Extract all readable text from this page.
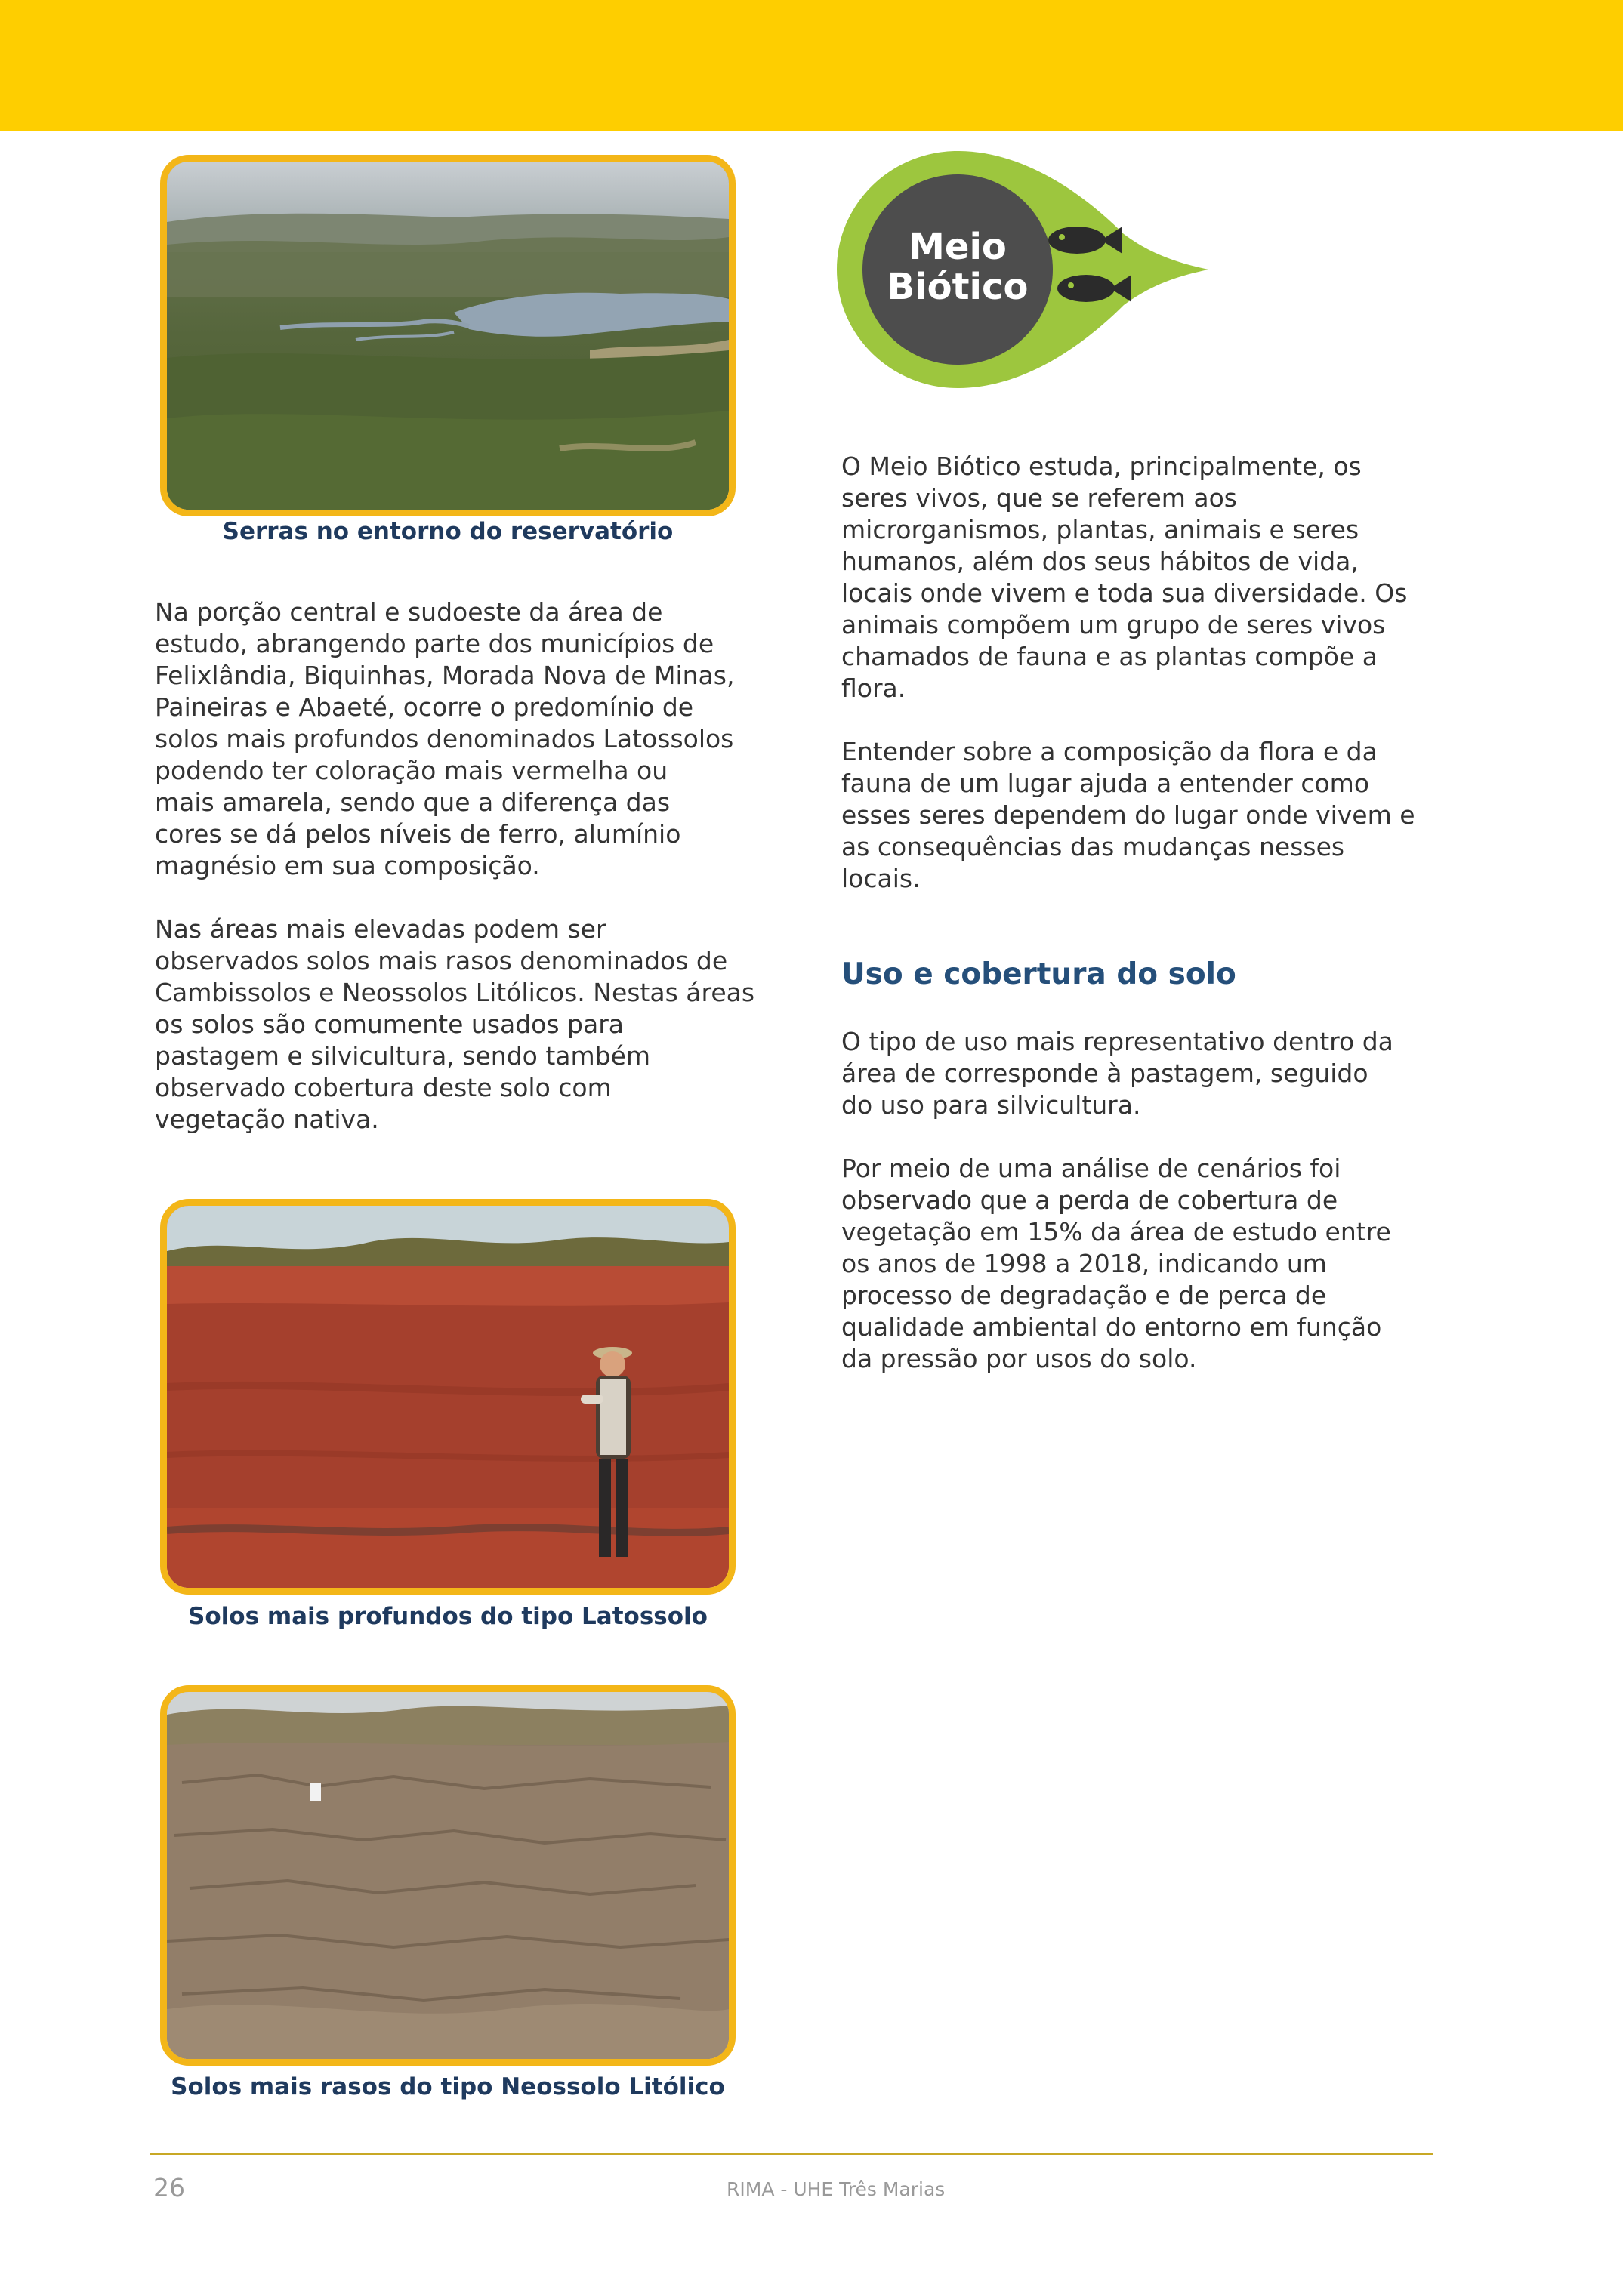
Serras no entorno do reservatório

Na porção central e sudoeste da área de
estudo, abrangendo parte dos municípios de
Felixlândia, Biquinhas, Morada Nova de Minas,
Paineiras e Abaeté, ocorre o predomínio de
solos mais profundos denominados Latossolos
podendo ter coloração mais vermelha ou
mais amarela, sendo que a diferença das
cores se dá pelos níveis de ferro, alumínio
magnésio em sua composição.

Nas áreas mais elevadas podem ser
observados solos mais rasos denominados de
Cambissolos e Neossolos Litólicos. Nestas áreas
os solos são comumente usados para
pastagem e silvicultura, sendo também
observado cobertura deste solo com
vegetação nativa.

Solos mais profundos do tipo Latossolo
Solos mais rasos do tipo Neossolo Litólico
Meio
Biótico

O Meio Biótico estuda, principalmente, os
seres vivos, que se referem aos
microrganismos, plantas, animais e seres
humanos, além dos seus hábitos de vida,
locais onde vivem e toda sua diversidade. Os
animais compõem um grupo de seres vivos
chamados de fauna e as plantas compõe a
flora.

Entender sobre a composição da flora e da
fauna de um lugar ajuda a entender como
esses seres dependem do lugar onde vivem e
as consequências das mudanças nesses
locais.

Uso e cobertura do solo

O tipo de uso mais representativo dentro da
área de corresponde à pastagem, seguido
do uso para silvicultura.

Por meio de uma análise de cenários foi
observado que a perda de cobertura de
vegetação em 15% da área de estudo entre
os anos de 1998 a 2018, indicando um
processo de degradação e de perca de
qualidade ambiental do entorno em função
da pressão por usos do solo.

26	RIMA - UHE Três Marias
